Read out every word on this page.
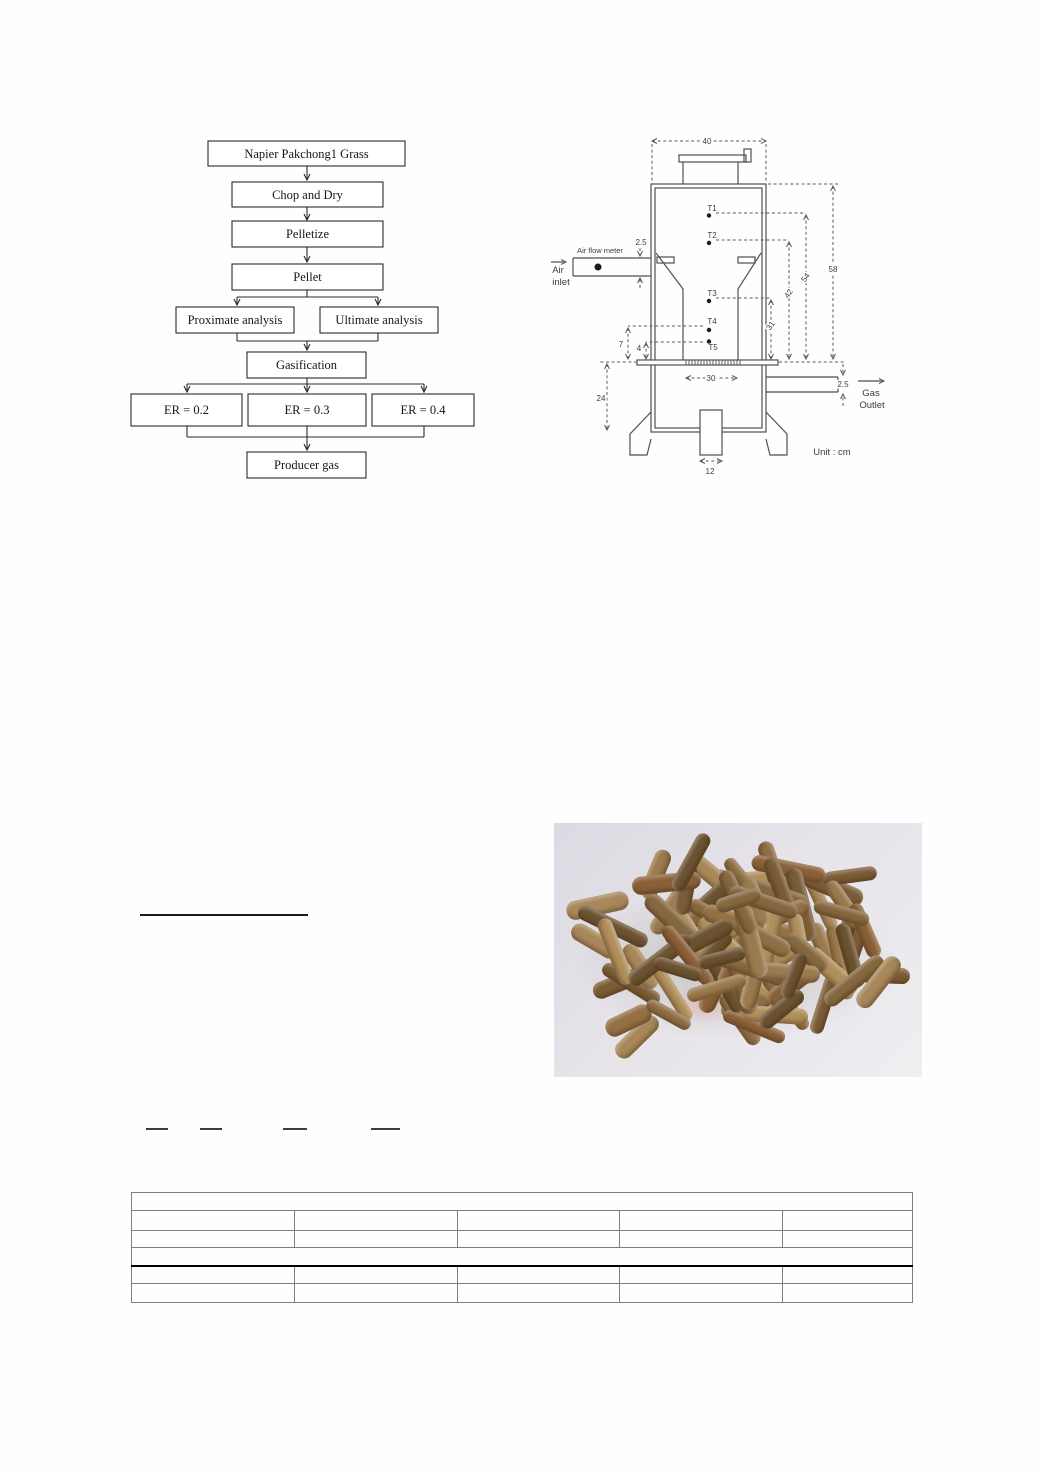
Napier Pakchong1 Grass
Chop and Dry
Pelletize
Pellet
Proximate analysis	Ultimate analysis
Gasification
ER = 0.2	ER = 0.3	ER = 0.4
Producer gas
T1
T2
T3
T4
T5
40
2.5
58
54
42
31
7 4
24
30
12
2.5
Air flow meter
Air
inlet
Gas
Outlet
Unit : cm
